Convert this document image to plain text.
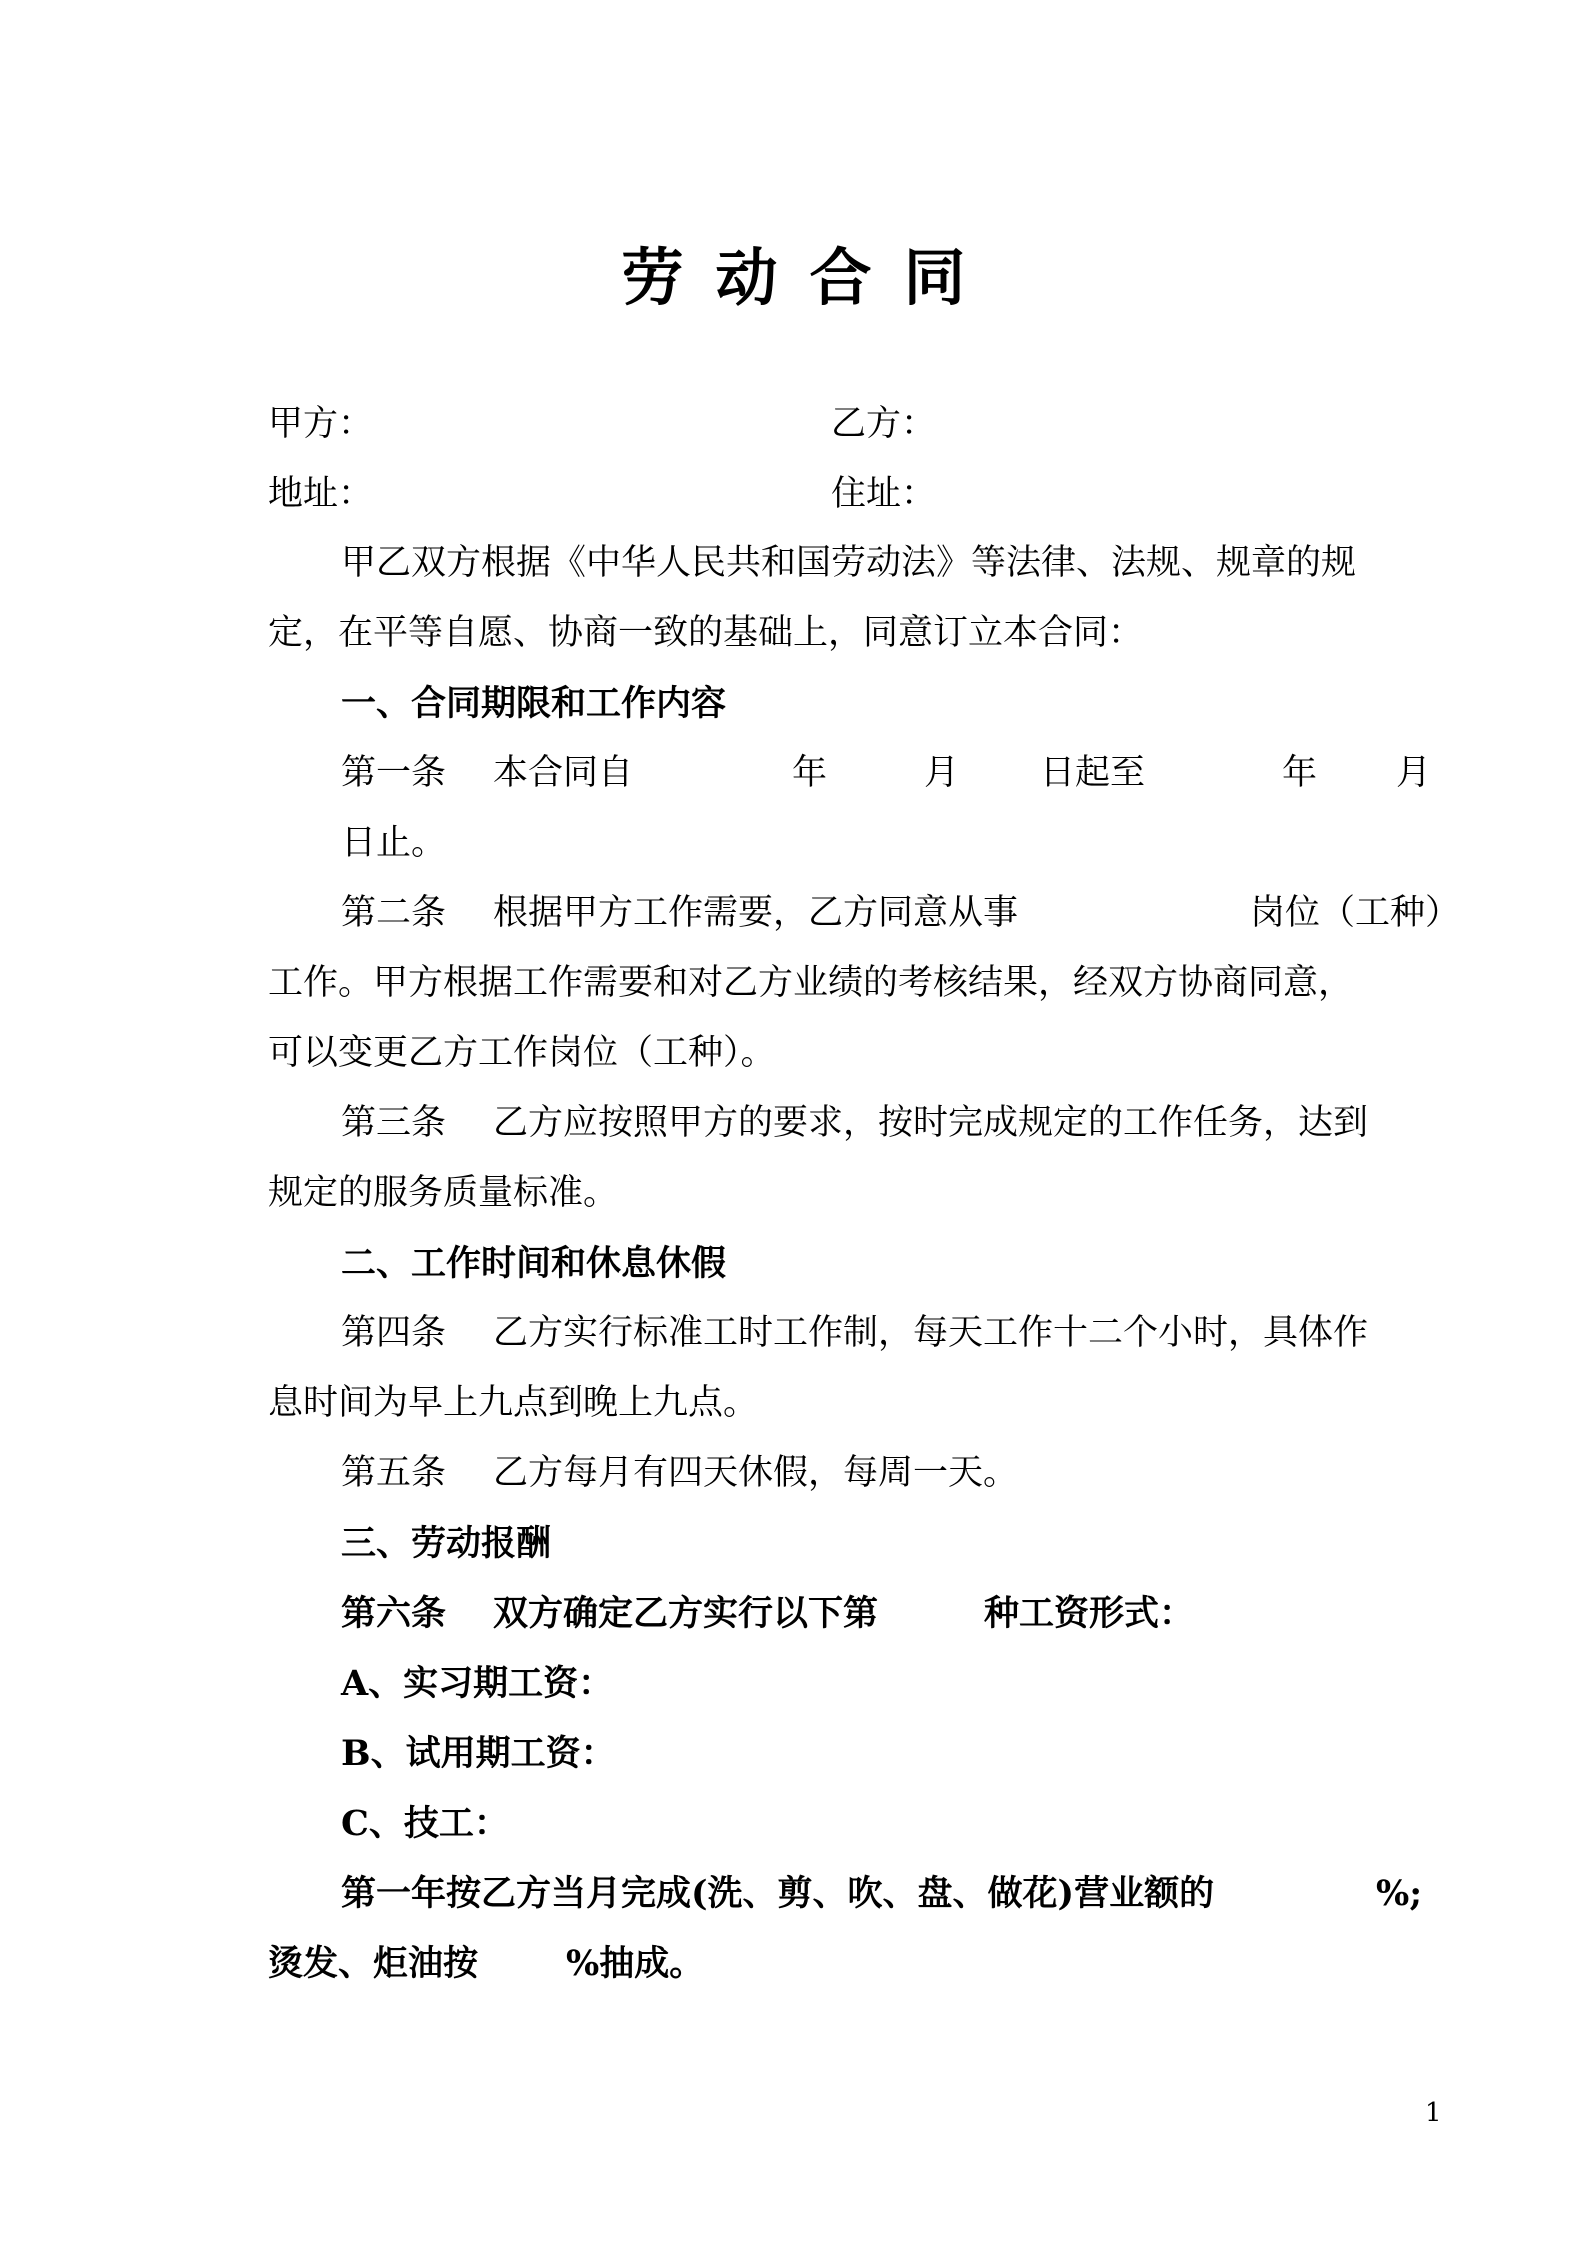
劳动合同
甲方：	乙方：
地址：	住址：
甲乙双方根据《中华人民共和国劳动法》等法律、法规、规章的规
定，在平等自愿、协商一致的基础上，同意订立本合同：
一、合同期限和工作内容
第一条 本合同自	年	月 日起至	年 月
日止。
第二条 根据甲方工作需要，乙方同意从事	岗位（工种）
工作。甲方根据工作需要和对乙方业绩的考核结果，经双方协商同意，
可以变更乙方工作岗位（工种）。
第三条 乙方应按照甲方的要求，按时完成规定的工作任务，达到
规定的服务质量标准。
二、工作时间和休息休假
第四条 乙方实行标准工时工作制，每天工作十二个小时，具体作
息时间为早上九点到晚上九点。
第五条 乙方每月有四天休假，每周一天。
三、劳动报酬
第六条 双方确定乙方实行以下第	种工资形式：
A、实习期工资：
B、试用期工资：
C、技工：
第一年按乙方当月完成(洗、剪、吹、盘、做花)营业额的	%;
烫发、炬油按	%抽成。
1
